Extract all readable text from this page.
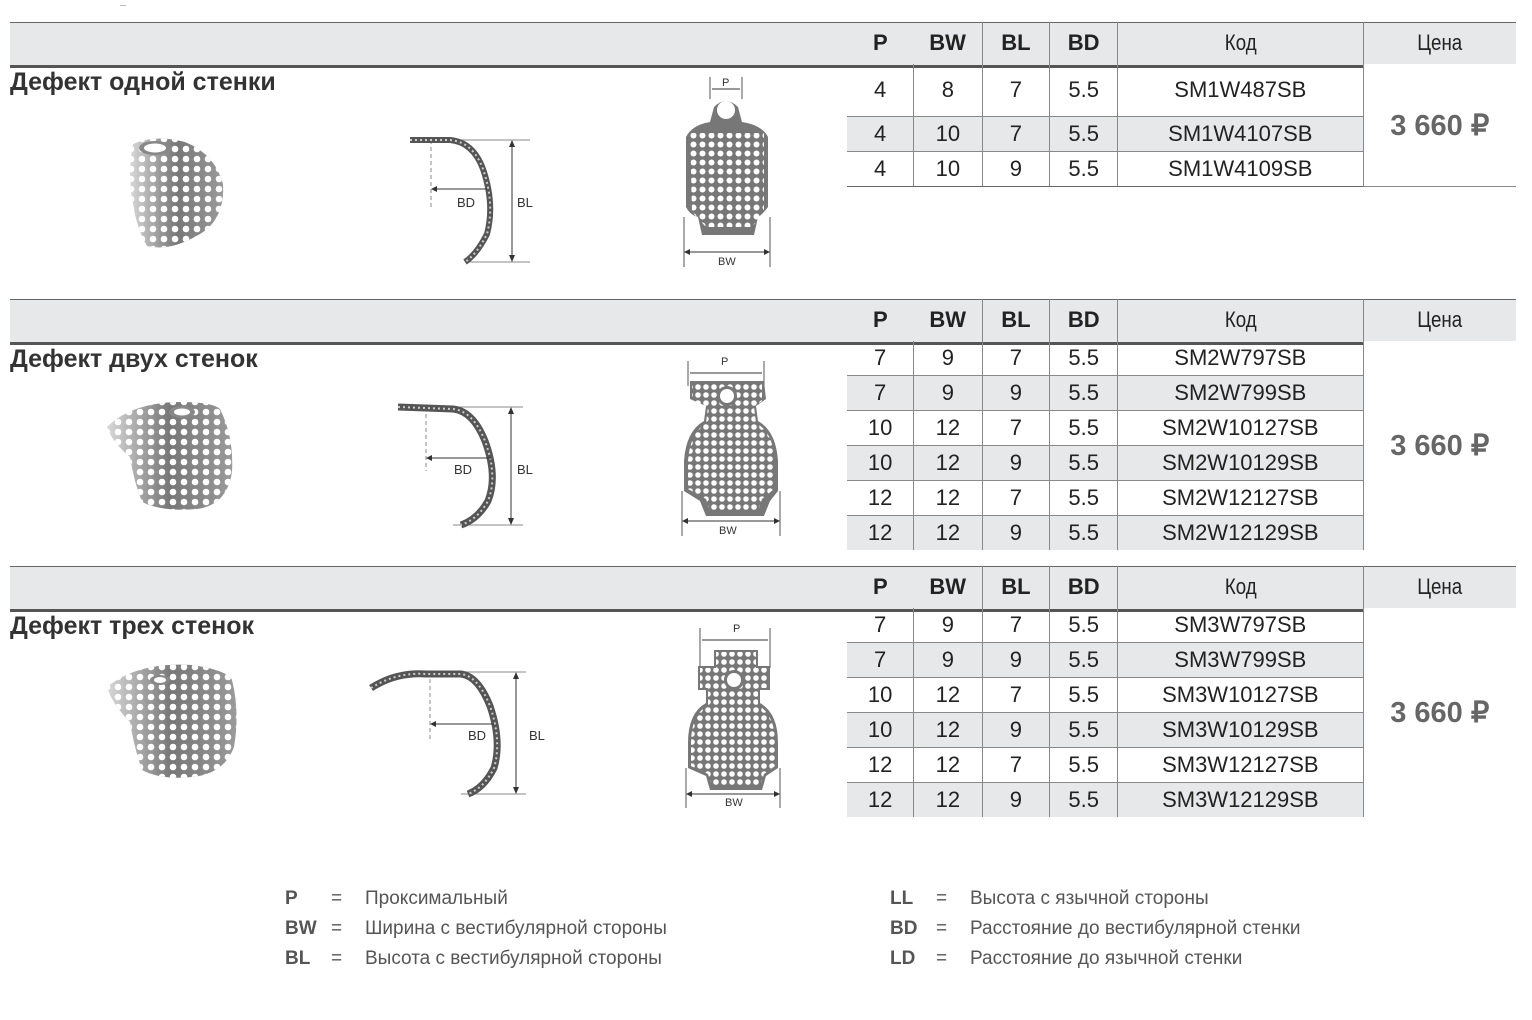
Дефект одной стенки
P	BW	BL	BD	Код	Цена
4	8	7	5.5	SM1W487SB	3 660 ₽
4	10	7	5.5	SM1W4107SB	
4	10	9	5.5	SM1W4109SB	
BD	BL
P
BW
Дефект двух стенок
P	BW	BL	BD	Код	Цена
7	9	7	5.5	SM2W797SB	3 660 ₽
7	9	9	5.5	SM2W799SB	
10	12	7	5.5	SM2W10127SB	
10	12	9	5.5	SM2W10129SB	
12	12	7	5.5	SM2W12127SB	
12	12	9	5.5	SM2W12129SB	
BD	BL
P
BW
Дефект трех стенок
P	BW	BL	BD	Код	Цена
7	9	7	5.5	SM3W797SB	3 660 ₽
7	9	9	5.5	SM3W799SB	
10	12	7	5.5	SM3W10127SB	
10	12	9	5.5	SM3W10129SB	
12	12	7	5.5	SM3W12127SB	
12	12	9	5.5	SM3W12129SB	
BD	BL
P
BW
P	=	Проксимальный
BW =	Ширина с вестибулярной стороны
BL	=	Высота с вестибулярной стороны
LL	=	Высота с язычной стороны
BD =	Расстояние до вестибулярной стенки
LD	=	Расстояние до язычной стенки
